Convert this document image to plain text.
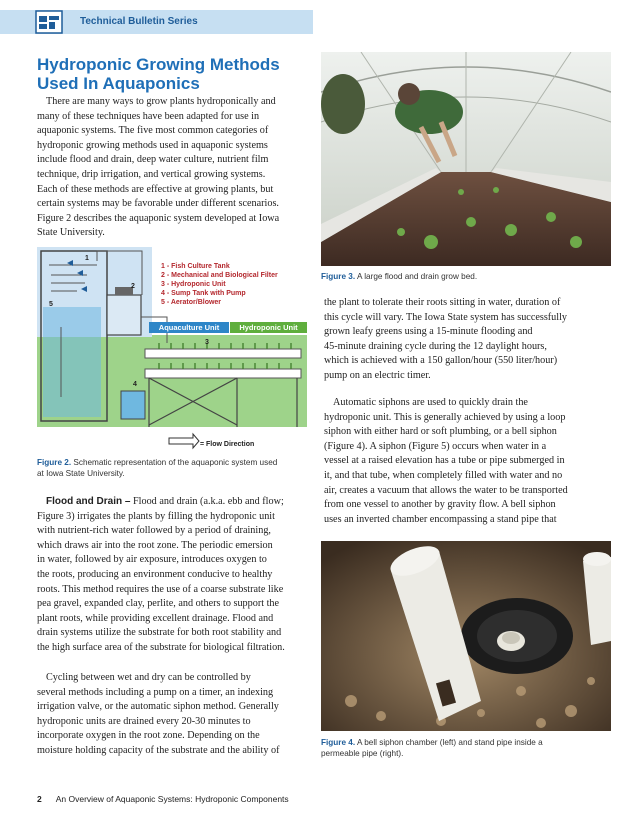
Technical Bulletin Series
Hydroponic Growing Methods
Used In Aquaponics
There are many ways to grow plants hydroponically and
many of these techniques have been adapted for use in
aquaponic systems. The five most common categories of
hydroponic growing methods used in aquaponic systems
include flood and drain, deep water culture, nutrient film
technique, drip irrigation, and vertical growing systems.
Each of these methods are effective at growing plants, but
certain systems may be favorable under different scenarios.
Figure 2 describes the aquaponic system developed at Iowa
State University.
1 - Fish Culture Tank
2 - Mechanical and Biological Filter
3 - Hydroponic Unit
4 - Sump Tank with Pump
5 - Aerator/Blower
Aquaculture Unit	Hydroponic Unit
1
2
3
4
5
= Flow Direction
Figure 2. Schematic representation of the aquaponic system used
at Iowa State University.
Flood and Drain – Flood and drain (a.k.a. ebb and flow;
Figure 3) irrigates the plants by filling the hydroponic unit
with nutrient-rich water followed by a period of draining,
which draws air into the root zone. The periodic emersion
in water, followed by air exposure, introduces oxygen to
the roots, producing an environment conducive to healthy
roots. This method requires the use of a coarse substrate like
pea gravel, expanded clay, perlite, and others to support the
plant roots, while providing excellent drainage. Flood and
drain systems utilize the substrate for both root stability and
the high surface area of the substrate for biological filtration.
Cycling between wet and dry can be controlled by
several methods including a pump on a timer, an indexing
irrigation valve, or the automatic siphon method. Generally
hydroponic units are drained every 20-30 minutes to
incorporate oxygen in the root zone. Depending on the
moisture holding capacity of the substrate and the ability of
Figure 3. A large flood and drain grow bed.
the plant to tolerate their roots sitting in water, duration of
this cycle will vary. The Iowa State system has successfully
grown leafy greens using a 15-minute flooding and
45-minute draining cycle during the 12 daylight hours,
which is achieved with a 150 gallon/hour (550 liter/hour)
pump on an electric timer.
Automatic siphons are used to quickly drain the
hydroponic unit. This is generally achieved by using a loop
siphon with either hard or soft plumbing, or a bell siphon
(Figure 4). A siphon (Figure 5) occurs when water in a
vessel at a raised elevation has a tube or pipe submerged in
it, and that tube, when completely filled with water and no
air, creates a vacuum that allows the water to be transported
from one vessel to another by gravity flow. A bell siphon
uses an inverted chamber encompassing a stand pipe that
Figure 4. A bell siphon chamber (left) and stand pipe inside a
permeable pipe (right).
2 An Overview of Aquaponic Systems: Hydroponic Components
